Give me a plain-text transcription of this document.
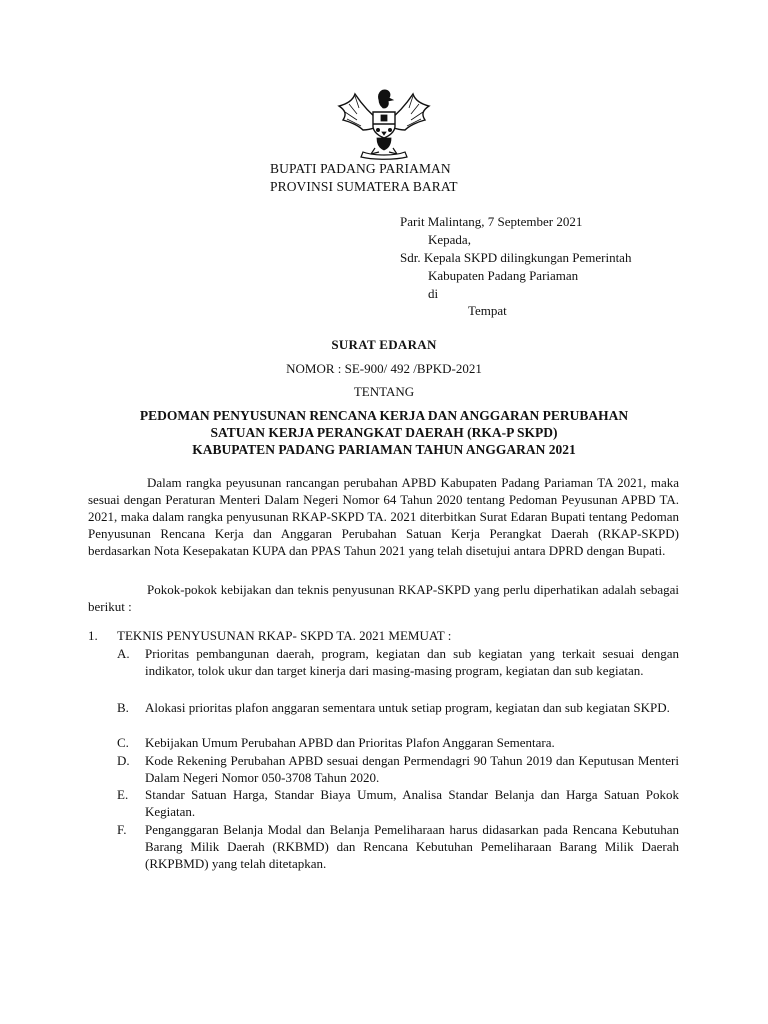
BUPATI PADANG PARIAMAN
PROVINSI SUMATERA BARAT
Parit Malintang, 7 September 2021
Kepada,
Sdr. Kepala SKPD dilingkungan Pemerintah
Kabupaten Padang Pariaman
di
Tempat
SURAT EDARAN
NOMOR : SE-900/ 492 /BPKD-2021
TENTANG
PEDOMAN PENYUSUNAN RENCANA KERJA DAN ANGGARAN PERUBAHAN
SATUAN KERJA PERANGKAT DAERAH (RKA-P SKPD)
KABUPATEN PADANG PARIAMAN TAHUN ANGGARAN 2021

Dalam rangka peyusunan rancangan perubahan APBD Kabupaten Padang Pariaman TA 2021, maka sesuai dengan Peraturan Menteri Dalam Negeri Nomor 64 Tahun 2020 tentang Pedoman Peyusunan APBD TA. 2021, maka dalam rangka penyusunan RKAP-SKPD TA. 2021 diterbitkan Surat Edaran Bupati tentang Pedoman Penyusunan Rencana Kerja dan Anggaran Perubahan Satuan Kerja Perangkat Daerah (RKAP-SKPD) berdasarkan Nota Kesepakatan KUPA dan PPAS Tahun 2021 yang telah disetujui antara DPRD dengan Bupati.

Pokok-pokok kebijakan dan teknis penyusunan RKAP-SKPD yang perlu diperhatikan adalah sebagai berikut :

1. TEKNIS PENYUSUNAN RKAP- SKPD TA. 2021 MEMUAT :
A.	Prioritas pembangunan daerah, program, kegiatan dan sub kegiatan yang terkait sesuai dengan indikator, tolok ukur dan target kinerja dari masing-masing program, kegiatan dan sub kegiatan.
B.	Alokasi prioritas plafon anggaran sementara untuk setiap program, kegiatan dan sub kegiatan SKPD.
C.	Kebijakan Umum Perubahan APBD dan Prioritas Plafon Anggaran Sementara.
D.	Kode Rekening Perubahan APBD sesuai dengan Permendagri 90 Tahun 2019 dan Keputusan Menteri Dalam Negeri Nomor 050-3708 Tahun 2020.
E.	Standar Satuan Harga, Standar Biaya Umum, Analisa Standar Belanja dan Harga Satuan Pokok Kegiatan.
F.	Penganggaran Belanja Modal dan Belanja Pemeliharaan harus didasarkan pada Rencana Kebutuhan Barang Milik Daerah (RKBMD) dan Rencana Kebutuhan Pemeliharaan Barang Milik Daerah (RKPBMD) yang telah ditetapkan.
